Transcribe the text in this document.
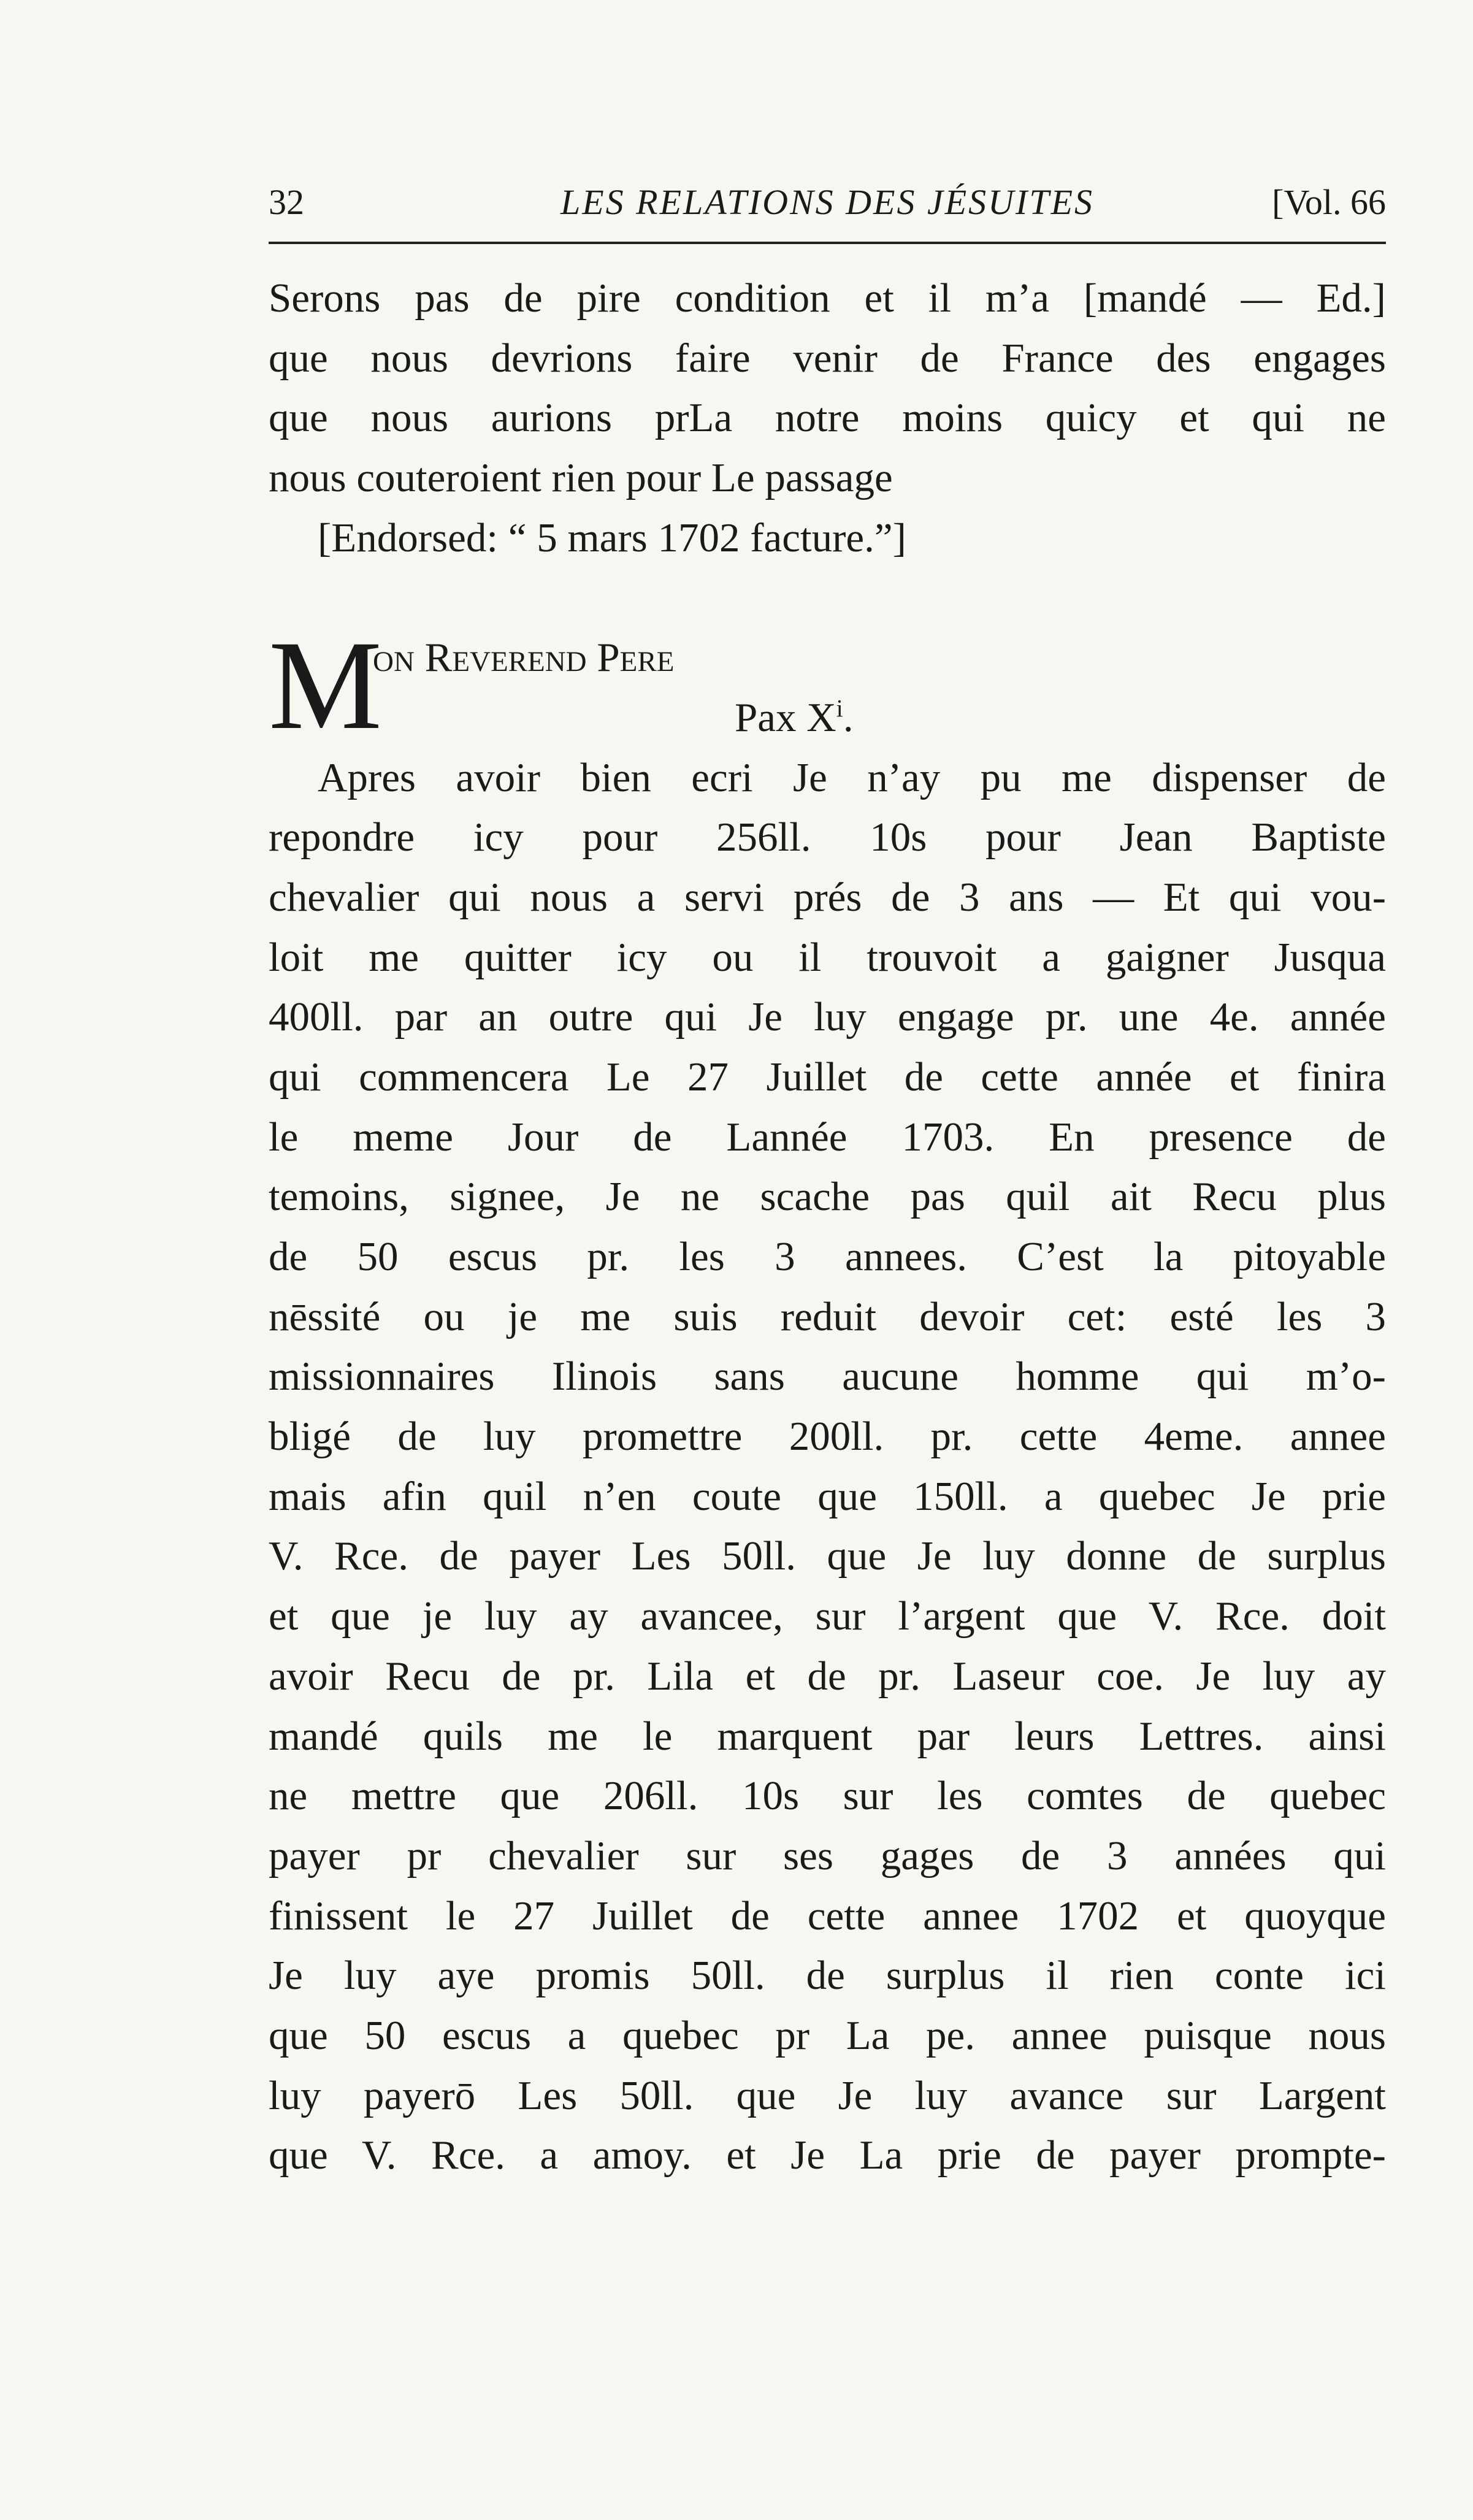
32	LES RELATIONS DES JÉSUITES	[Vol. 66
Serons pas de pire condition et il m’a [mandé — Ed.]
que nous devrions faire venir de France des engages
que nous aurions prLa notre moins quicy et qui ne
nous couteroient rien pour Le passage
[Endorsed: “ 5 mars 1702 facture.”]
M
on Reverend Pere
Pax $X^i$.
Apres avoir bien ecri Je n’ay pu me dispenser de
repondre icy pour 256ll. 10s pour Jean Baptiste
chevalier qui nous a servi prés de 3 ans — Et qui vou-
loit me quitter icy ou il trouvoit a gaigner Jusqua
400ll. par an outre qui Je luy engage pr. une 4e. année
qui commencera Le 27 Juillet de cette année et finira
le meme Jour de Lannée 1703. En presence de
temoins, signee, Je ne scache pas quil ait Recu plus
de 50 escus pr. les 3 annees. C’est la pitoyable
nēssité ou je me suis reduit devoir cet: esté les 3
missionnaires Ilinois sans aucune homme qui m’o-
bligé de luy promettre 200ll. pr. cette 4eme. annee
mais afin quil n’en coute que 150ll. a quebec Je prie
V. Rce. de payer Les 50ll. que Je luy donne de surplus
et que je luy ay avancee, sur l’argent que V. Rce. doit
avoir Recu de pr. Lila et de pr. Laseur coe. Je luy ay
mandé quils me le marquent par leurs Lettres. ainsi
ne mettre que 206ll. 10s sur les comtes de quebec
payer pr chevalier sur ses gages de 3 années qui
finissent le 27 Juillet de cette annee 1702 et quoyque
Je luy aye promis 50ll. de surplus il rien conte ici
que 50 escus a quebec pr La pe. annee puisque nous
luy payerō Les 50ll. que Je luy avance sur Largent
que V. Rce. a amoy. et Je La prie de payer prompte-
